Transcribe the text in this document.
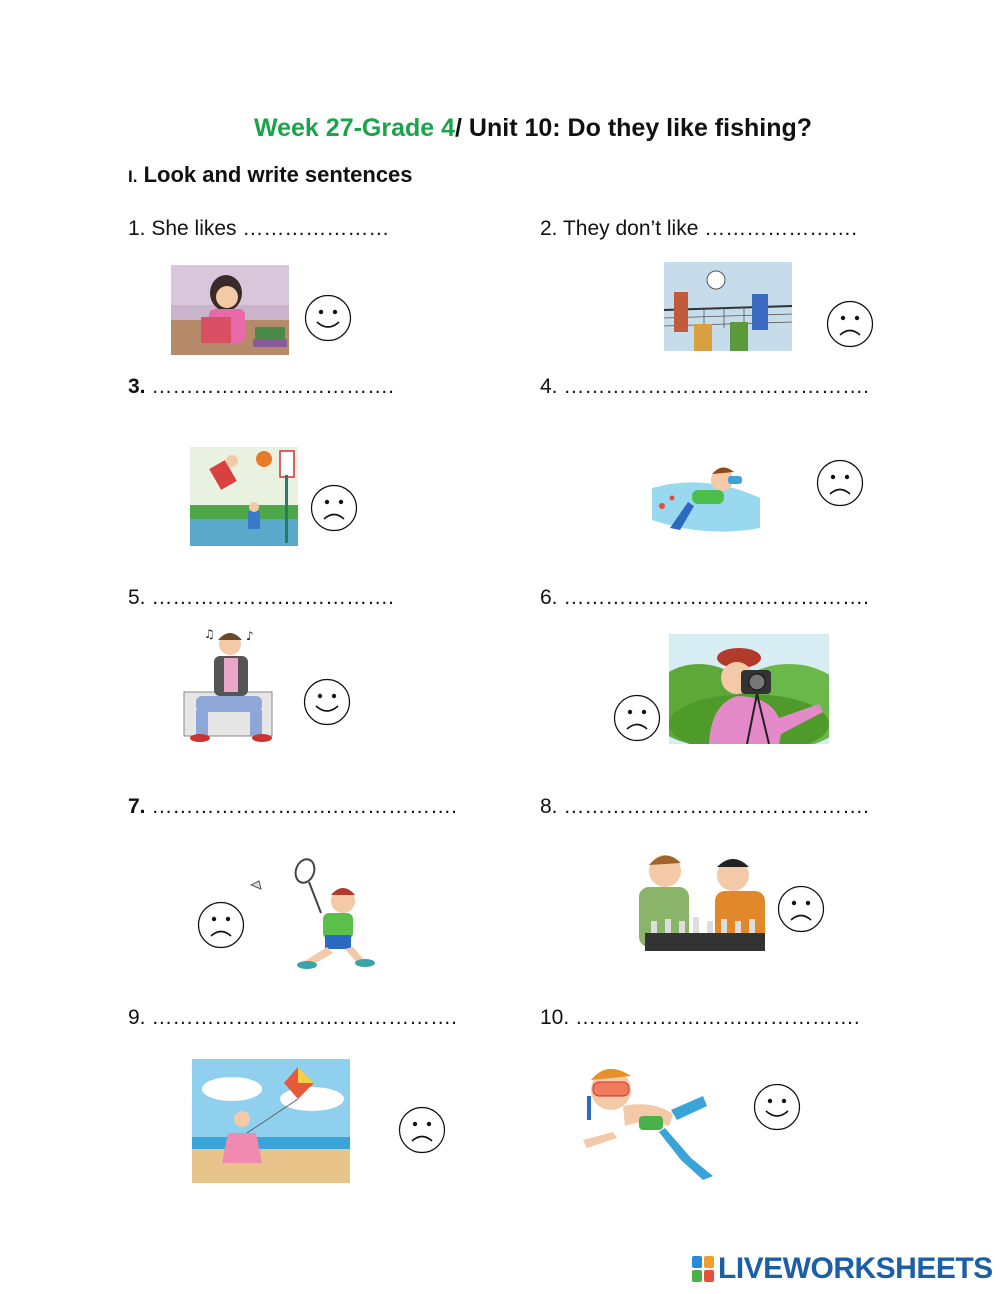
Week 27-Grade 4/ Unit 10: Do they like fishing?
I. Look and write sentences
1. She likes …………………	2. They don’t like ………………….
3. ……………….…………….	4. …………………….……………….
5. ……………….…………….	6. …………………….……………….
7. …………………….……………….	8. …………………….……………….
9. …………………….……………….	10. …………………….…………….
♫	♪
LIVEWORKSHEETS
